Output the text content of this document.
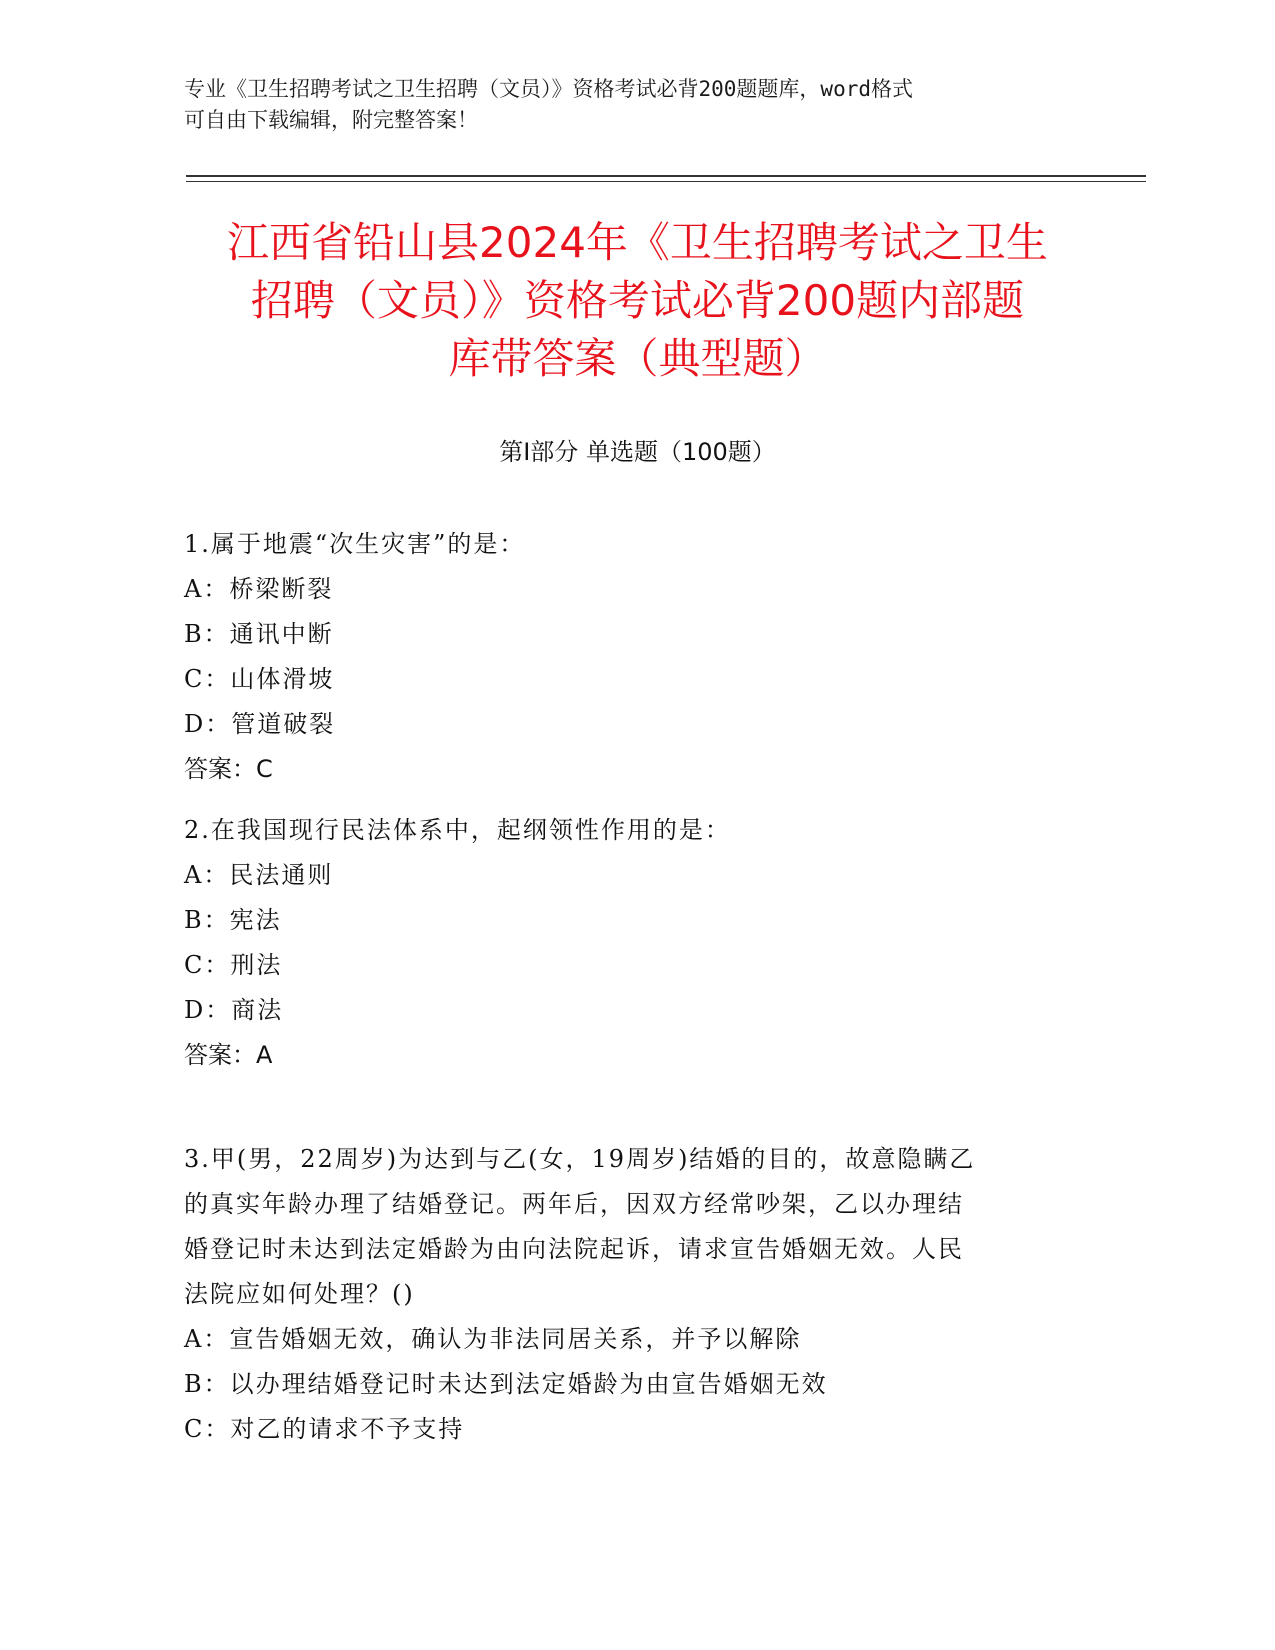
专业《卫生招聘考试之卫生招聘（文员）》资格考试必背200题题库，word格式
可自由下载编辑，附完整答案！
江西省铅山县2024年《卫生招聘考试之卫生
招聘（文员）》资格考试必背200题内部题
库带答案（典型题）
第I部分 单选题（100题）
1.属于地震“次生灾害”的是：
A：桥梁断裂
B：通讯中断
C：山体滑坡
D：管道破裂
答案：C
2.在我国现行民法体系中，起纲领性作用的是：
A：民法通则
B：宪法
C：刑法
D：商法
答案：A
3.甲(男，22周岁)为达到与乙(女，19周岁)结婚的目的，故意隐瞒乙
的真实年龄办理了结婚登记。两年后，因双方经常吵架，乙以办理结
婚登记时未达到法定婚龄为由向法院起诉，请求宣告婚姻无效。人民
法院应如何处理？()
A：宣告婚姻无效，确认为非法同居关系，并予以解除
B：以办理结婚登记时未达到法定婚龄为由宣告婚姻无效
C：对乙的请求不予支持
